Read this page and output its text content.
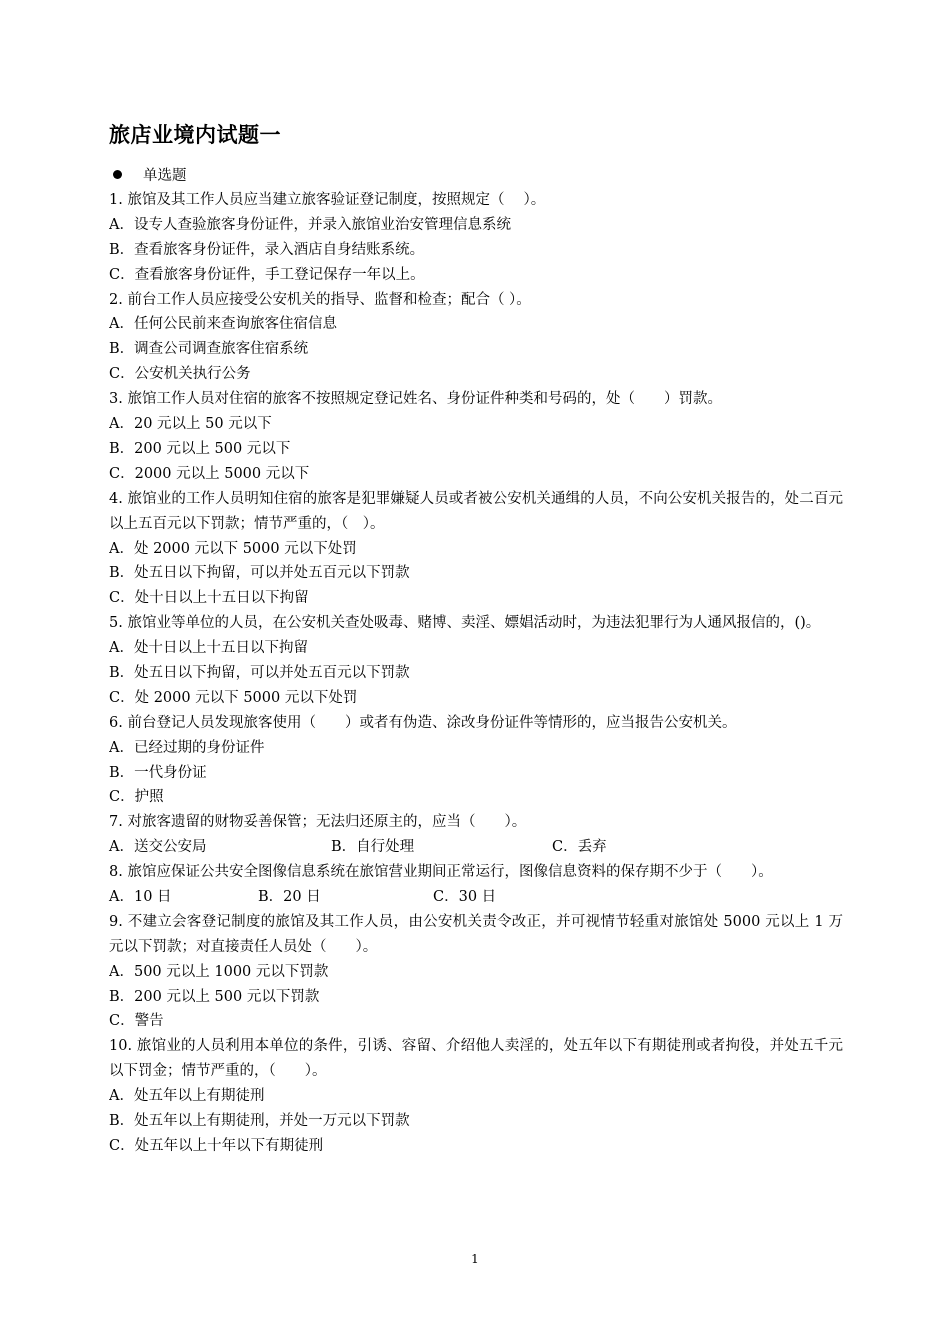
旅店业境内试题一
单选题
1. 旅馆及其工作人员应当建立旅客验证登记制度，按照规定（　 ）。
A．设专人查验旅客身份证件，并录入旅馆业治安管理信息系统
B．查看旅客身份证件，录入酒店自身结账系统。
C．查看旅客身份证件，手工登记保存一年以上。
2. 前台工作人员应接受公安机关的指导、监督和检查；配合（ ）。
A．任何公民前来查询旅客住宿信息
B．调查公司调查旅客住宿系统
C．公安机关执行公务
3. 旅馆工作人员对住宿的旅客不按照规定登记姓名、身份证件种类和号码的，处（　　）罚款。
A．20 元以上 50 元以下
B．200 元以上 500 元以下
C．2000 元以上 5000 元以下
4. 旅馆业的工作人员明知住宿的旅客是犯罪嫌疑人员或者被公安机关通缉的人员，不向公安机关报告的，处二百元以上五百元以下罚款；情节严重的，（　）。
A．处 2000 元以下 5000 元以下处罚
B．处五日以下拘留，可以并处五百元以下罚款
C．处十日以上十五日以下拘留
5. 旅馆业等单位的人员，在公安机关查处吸毒、赌博、卖淫、嫖娼活动时，为违法犯罪行为人通风报信的，()。
A．处十日以上十五日以下拘留
B．处五日以下拘留，可以并处五百元以下罚款
C．处 2000 元以下 5000 元以下处罚
6. 前台登记人员发现旅客使用（　　）或者有伪造、涂改身份证件等情形的，应当报告公安机关。
A．已经过期的身份证件
B．一代身份证
C．护照
7. 对旅客遗留的财物妥善保管；无法归还原主的，应当（　　）。
A．送交公安局	B．自行处理	C．丢弃
8. 旅馆应保证公共安全图像信息系统在旅馆营业期间正常运行，图像信息资料的保存期不少于（　　）。
A．10 日	B．20 日	C．30 日
9. 不建立会客登记制度的旅馆及其工作人员，由公安机关责令改正，并可视情节轻重对旅馆处 5000 元以上 1 万元以下罚款；对直接责任人员处（　　）。
A．500 元以上 1000 元以下罚款
B．200 元以上 500 元以下罚款
C．警告
10. 旅馆业的人员利用本单位的条件，引诱、容留、介绍他人卖淫的，处五年以下有期徒刑或者拘役，并处五千元以下罚金；情节严重的，（　　）。
A．处五年以上有期徒刑
B．处五年以上有期徒刑，并处一万元以下罚款
C．处五年以上十年以下有期徒刑
1
